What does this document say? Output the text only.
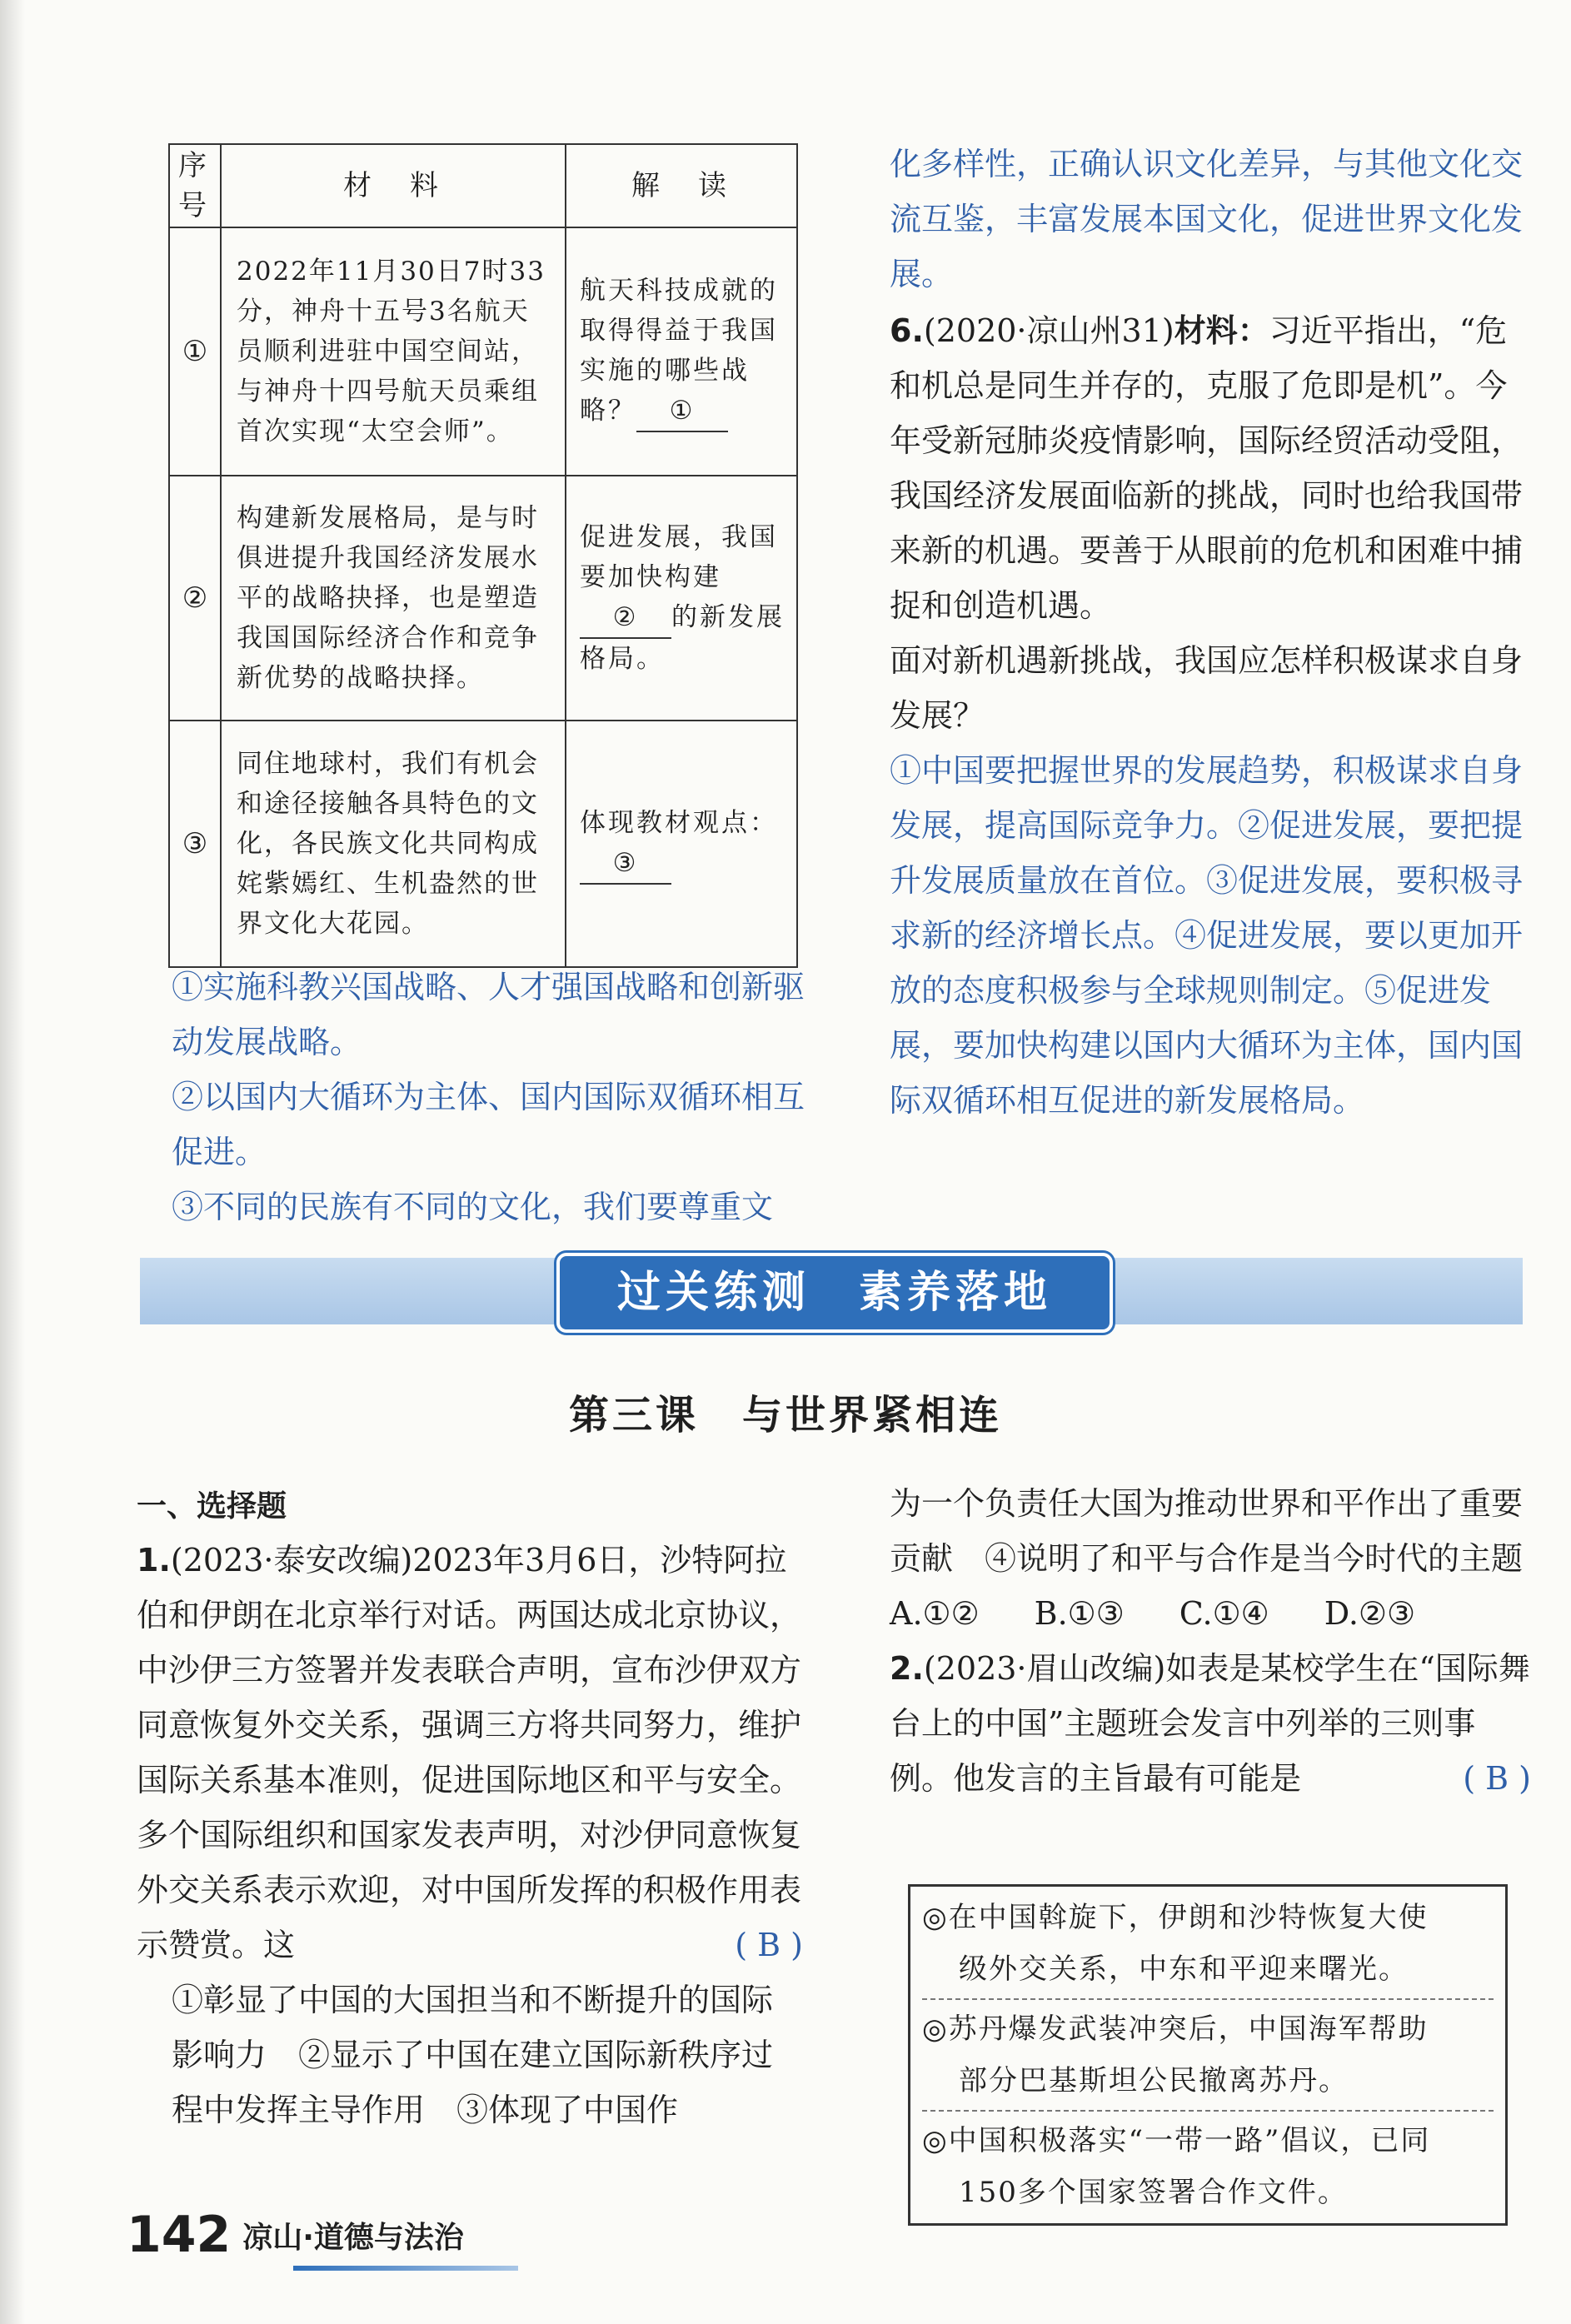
序号	材　料	解　读
①	2022年11月30日7时33分，神舟十五号3名航天员顺利进驻中国空间站，与神舟十四号航天员乘组首次实现“太空会师”。	航天科技成就的取得得益于我国实施的哪些战略？ ①
②	构建新发展格局，是与时俱进提升我国经济发展水平的战略抉择，也是塑造我国国际经济合作和竞争新优势的战略抉择。	促进发展，我国要加快构建② 的新发展格局。
③	同住地球村，我们有机会和途径接触各具特色的文化，各民族文化共同构成姹紫嫣红、生机盎然的世界文化大花园。	体现教材观点：③

①实施科教兴国战略、人才强国战略和创新驱动发展战略。

②以国内大循环为主体、国内国际双循环相互促进。

③不同的民族有不同的文化，我们要尊重文

化多样性，正确认识文化差异，与其他文化交流互鉴，丰富发展本国文化，促进世界文化发展。
6.(2020·凉山州31)材料：习近平指出，“危和机总是同生并存的，克服了危即是机”。今年受新冠肺炎疫情影响，国际经贸活动受阻，我国经济发展面临新的挑战，同时也给我国带来新的机遇。要善于从眼前的危机和困难中捕捉和创造机遇。
面对新机遇新挑战，我国应怎样积极谋求自身发展？
①中国要把握世界的发展趋势，积极谋求自身发展，提高国际竞争力。②促进发展，要把提升发展质量放在首位。③促进发展，要积极寻求新的经济增长点。④促进发展，要以更加开放的态度积极参与全球规则制定。⑤促进发展，要加快构建以国内大循环为主体，国内国际双循环相互促进的新发展格局。
过关练测　素养落地
第三课　与世界紧相连
一、选择题
1.(2023·泰安改编)2023年3月6日，沙特阿拉伯和伊朗在北京举行对话。两国达成北京协议，中沙伊三方签署并发表联合声明，宣布沙伊双方同意恢复外交关系，强调三方将共同努力，维护国际关系基本准则，促进国际地区和平与安全。多个国际组织和国家发表声明，对沙伊同意恢复外交关系表示欢迎，对中国所发挥的积极作用表示赞赏。这	( B )
①彰显了中国的大国担当和不断提升的国际影响力　②显示了中国在建立国际新秩序过程中发挥主导作用　③体现了中国作
为一个负责任大国为推动世界和平作出了重要贡献　④说明了和平与合作是当今时代的主题
A.①② B.①③ C.①④ D.②③
2.(2023·眉山改编)如表是某校学生在“国际舞台上的中国”主题班会发言中列举的三则事例。他发言的主旨最有可能是	( B )
◎在中国斡旋下，伊朗和沙特恢复大使
级外交关系，中东和平迎来曙光。
◎苏丹爆发武装冲突后，中国海军帮助
部分巴基斯坦公民撤离苏丹。
◎中国积极落实“一带一路”倡议，已同
150多个国家签署合作文件。
142 凉山·道德与法治
